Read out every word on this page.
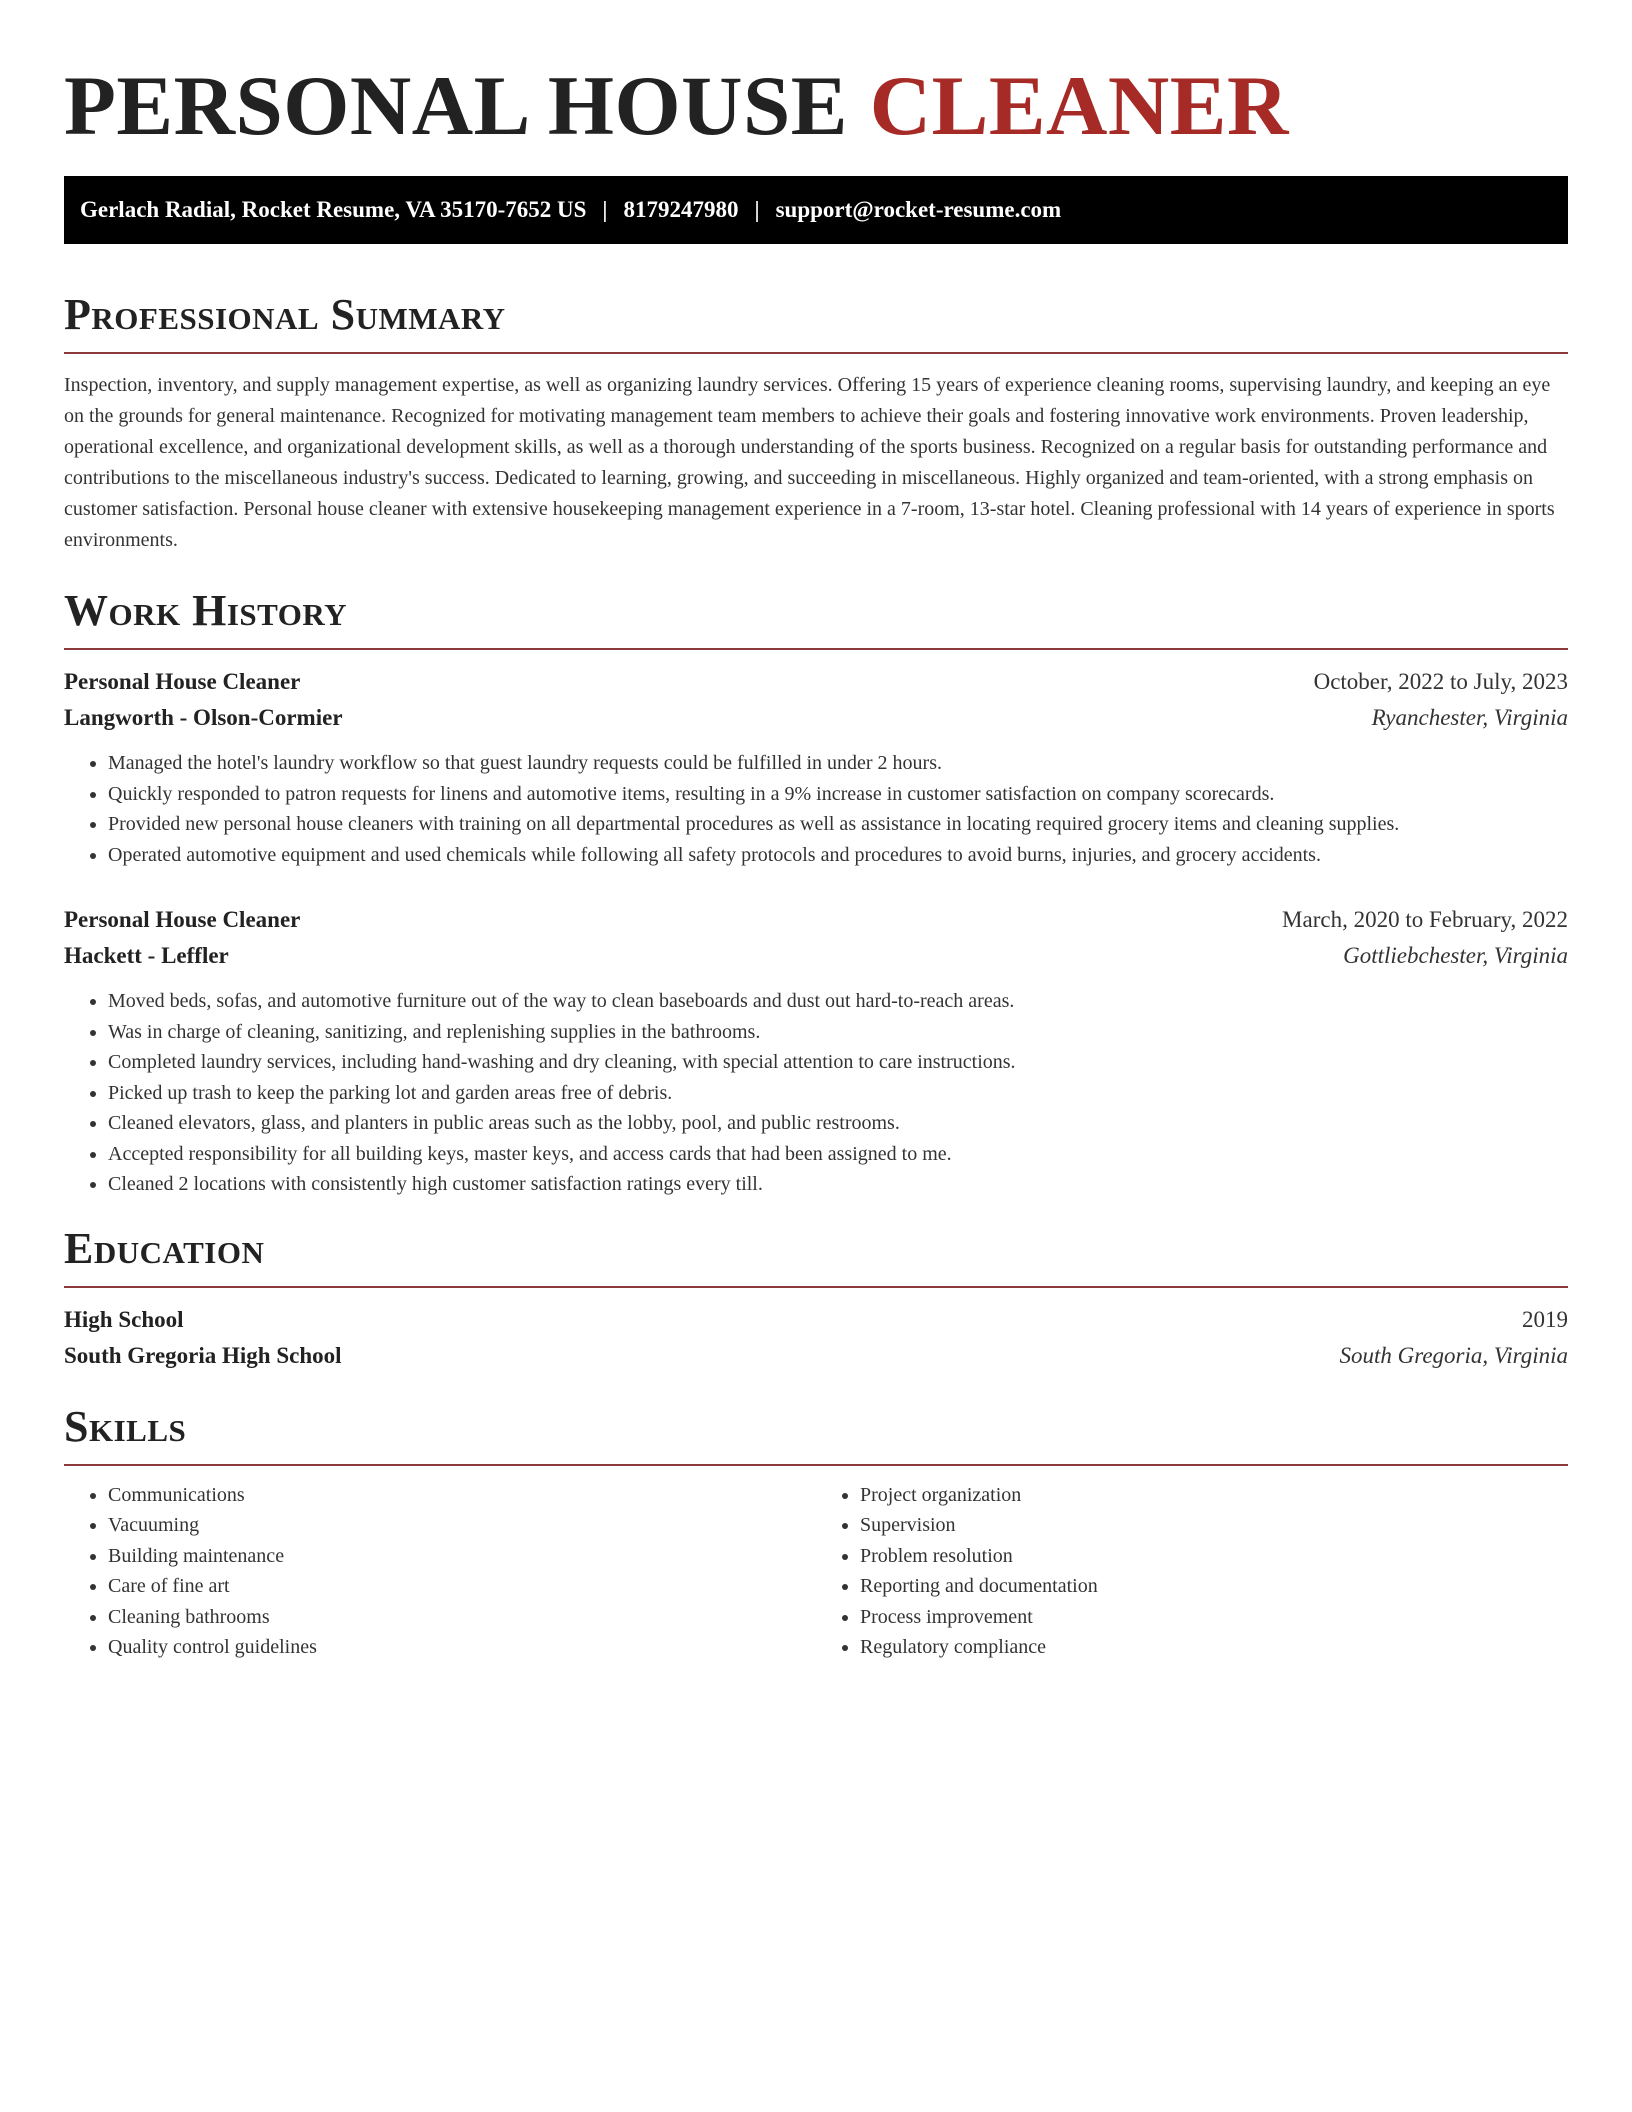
PERSONAL HOUSE CLEANER
Gerlach Radial, Rocket Resume, VA 35170-7652 US | 8179247980 | support@rocket-resume.com
Professional Summary

Inspection, inventory, and supply management expertise, as well as organizing laundry services. Offering 15 years of experience cleaning rooms, supervising laundry, and keeping an eye on the grounds for general maintenance. Recognized for motivating management team members to achieve their goals and fostering innovative work environments. Proven leadership, operational excellence, and organizational development skills, as well as a thorough understanding of the sports business. Recognized on a regular basis for outstanding performance and contributions to the miscellaneous industry's success. Dedicated to learning, growing, and succeeding in miscellaneous. Highly organized and team-oriented, with a strong emphasis on customer satisfaction. Personal house cleaner with extensive housekeeping management experience in a 7-room, 13-star hotel. Cleaning professional with 14 years of experience in sports environments.

Work History
Personal House Cleaner	October, 2022 to July, 2023
Langworth - Olson-Cormier	Ryanchester, Virginia
• Managed the hotel's laundry workflow so that guest laundry requests could be fulfilled in under 2 hours.
• Quickly responded to patron requests for linens and automotive items, resulting in a 9% increase in customer satisfaction on company scorecards.
• Provided new personal house cleaners with training on all departmental procedures as well as assistance in locating required grocery items and cleaning supplies.
• Operated automotive equipment and used chemicals while following all safety protocols and procedures to avoid burns, injuries, and grocery accidents.
Personal House Cleaner	March, 2020 to February, 2022
Hackett - Leffler	Gottliebchester, Virginia
• Moved beds, sofas, and automotive furniture out of the way to clean baseboards and dust out hard-to-reach areas.
• Was in charge of cleaning, sanitizing, and replenishing supplies in the bathrooms.
• Completed laundry services, including hand-washing and dry cleaning, with special attention to care instructions.
• Picked up trash to keep the parking lot and garden areas free of debris.
• Cleaned elevators, glass, and planters in public areas such as the lobby, pool, and public restrooms.
• Accepted responsibility for all building keys, master keys, and access cards that had been assigned to me.
• Cleaned 2 locations with consistently high customer satisfaction ratings every till.
Education
High School	2019
South Gregoria High School	South Gregoria, Virginia
Skills
• Communications
• Vacuuming
• Building maintenance
• Care of fine art
• Cleaning bathrooms
• Quality control guidelines
• Project organization
• Supervision
• Problem resolution
• Reporting and documentation
• Process improvement
• Regulatory compliance
